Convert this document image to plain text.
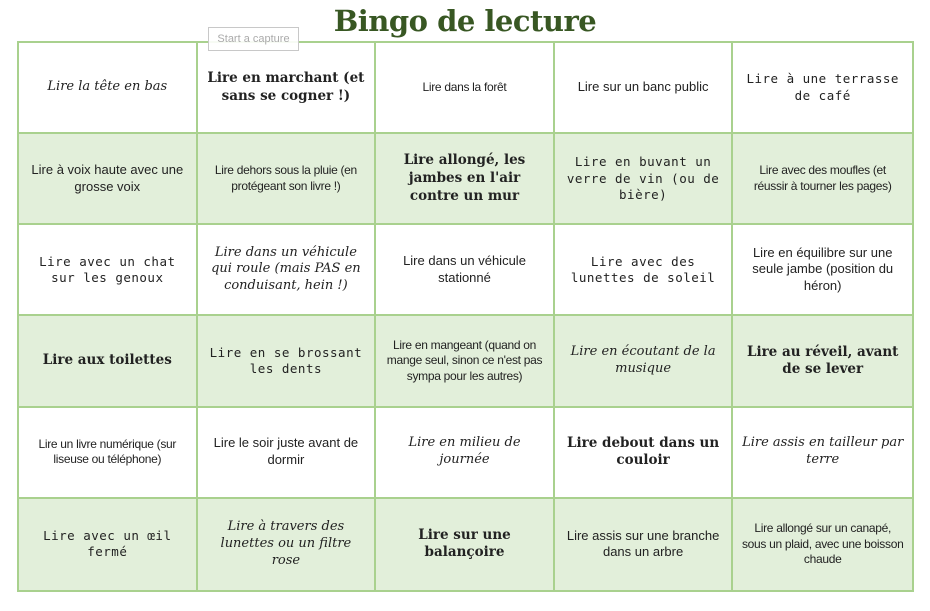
Bingo de lecture
Start a capture
Lire la tête en bas
Lire en marchant (et sans se cogner !)
Lire dans la forêt	Lire sur un banc public
Lire à une terrasse de café
Lire à voix haute avec une grosse voix
Lire dehors sous la pluie (en protégeant son livre !)
Lire allongé, les jambes en l'air contre un mur
Lire en buvant un verre de vin (ou de bière)
Lire avec des moufles (et réussir à tourner les pages)
Lire avec un chat sur les genoux
Lire dans un véhicule qui roule (mais PAS en conduisant, hein !)
Lire dans un véhicule stationné
Lire avec des lunettes de soleil
Lire en équilibre sur une seule jambe (position du héron)
Lire aux toilettes	Lire en se brossant les dents
Lire en mangeant (quand on mange seul, sinon ce n'est pas sympa pour les autres)
Lire en écoutant de la musique
Lire au réveil, avant de se lever
Lire un livre numérique (sur liseuse ou téléphone)
Lire le soir juste avant de dormir
Lire en milieu de journée
Lire debout dans un couloir
Lire assis en tailleur par terre
Lire avec un œil fermé
Lire à travers des lunettes ou un filtre rose
Lire sur une balançoire
Lire assis sur une branche dans un arbre
Lire allongé sur un canapé, sous un plaid, avec une boisson chaude
